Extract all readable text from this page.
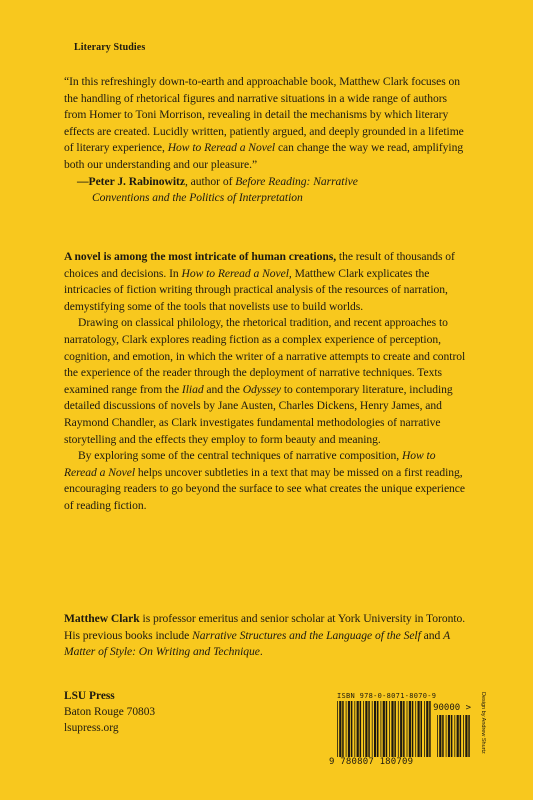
Literary Studies

“In this refreshingly down-to-earth and approachable book, Matthew Clark focuses on the handling of rhetorical figures and narrative situations in a wide range of authors from Homer to Toni Morrison, revealing in detail the mechanisms by which literary effects are created. Lucidly written, patiently argued, and deeply grounded in a lifetime of literary experience, How to Reread a Novel can change the way we read, amplifying both our understanding and our pleasure.”

—Peter J. Rabinowitz, author of Before Reading: Narrative

Conventions and the Politics of Interpretation

A novel is among the most intricate of human creations, the result of thousands of choices and decisions. In How to Reread a Novel, Matthew Clark explicates the intricacies of fiction writing through practical analysis of the resources of narration, demystifying some of the tools that novelists use to build worlds.

Drawing on classical philology, the rhetorical tradition, and recent approaches to narratology, Clark explores reading fiction as a complex experience of perception, cognition, and emotion, in which the writer of a narrative attempts to create and control the experience of the reader through the deployment of narrative techniques. Texts examined range from the Iliad and the Odyssey to contemporary literature, including detailed discussions of novels by Jane Austen, Charles Dickens, Henry James, and Raymond Chandler, as Clark investigates fundamental methodologies of narrative storytelling and the effects they employ to form beauty and meaning.

By exploring some of the central techniques of narrative composition, How to Reread a Novel helps uncover subtleties in a text that may be missed on a first reading, encouraging readers to go beyond the surface to see what creates the unique experience of reading fiction.

Matthew Clark is professor emeritus and senior scholar at York University in Toronto. His previous books include Narrative Structures and the Language of the Self and A Matter of Style: On Writing and Technique.

LSU Press
Baton Rouge 70803
lsupress.org
ISBN 978-0-8071-8070-9
90000 >
9 780807 180709
Design by Andrew Shurtz
